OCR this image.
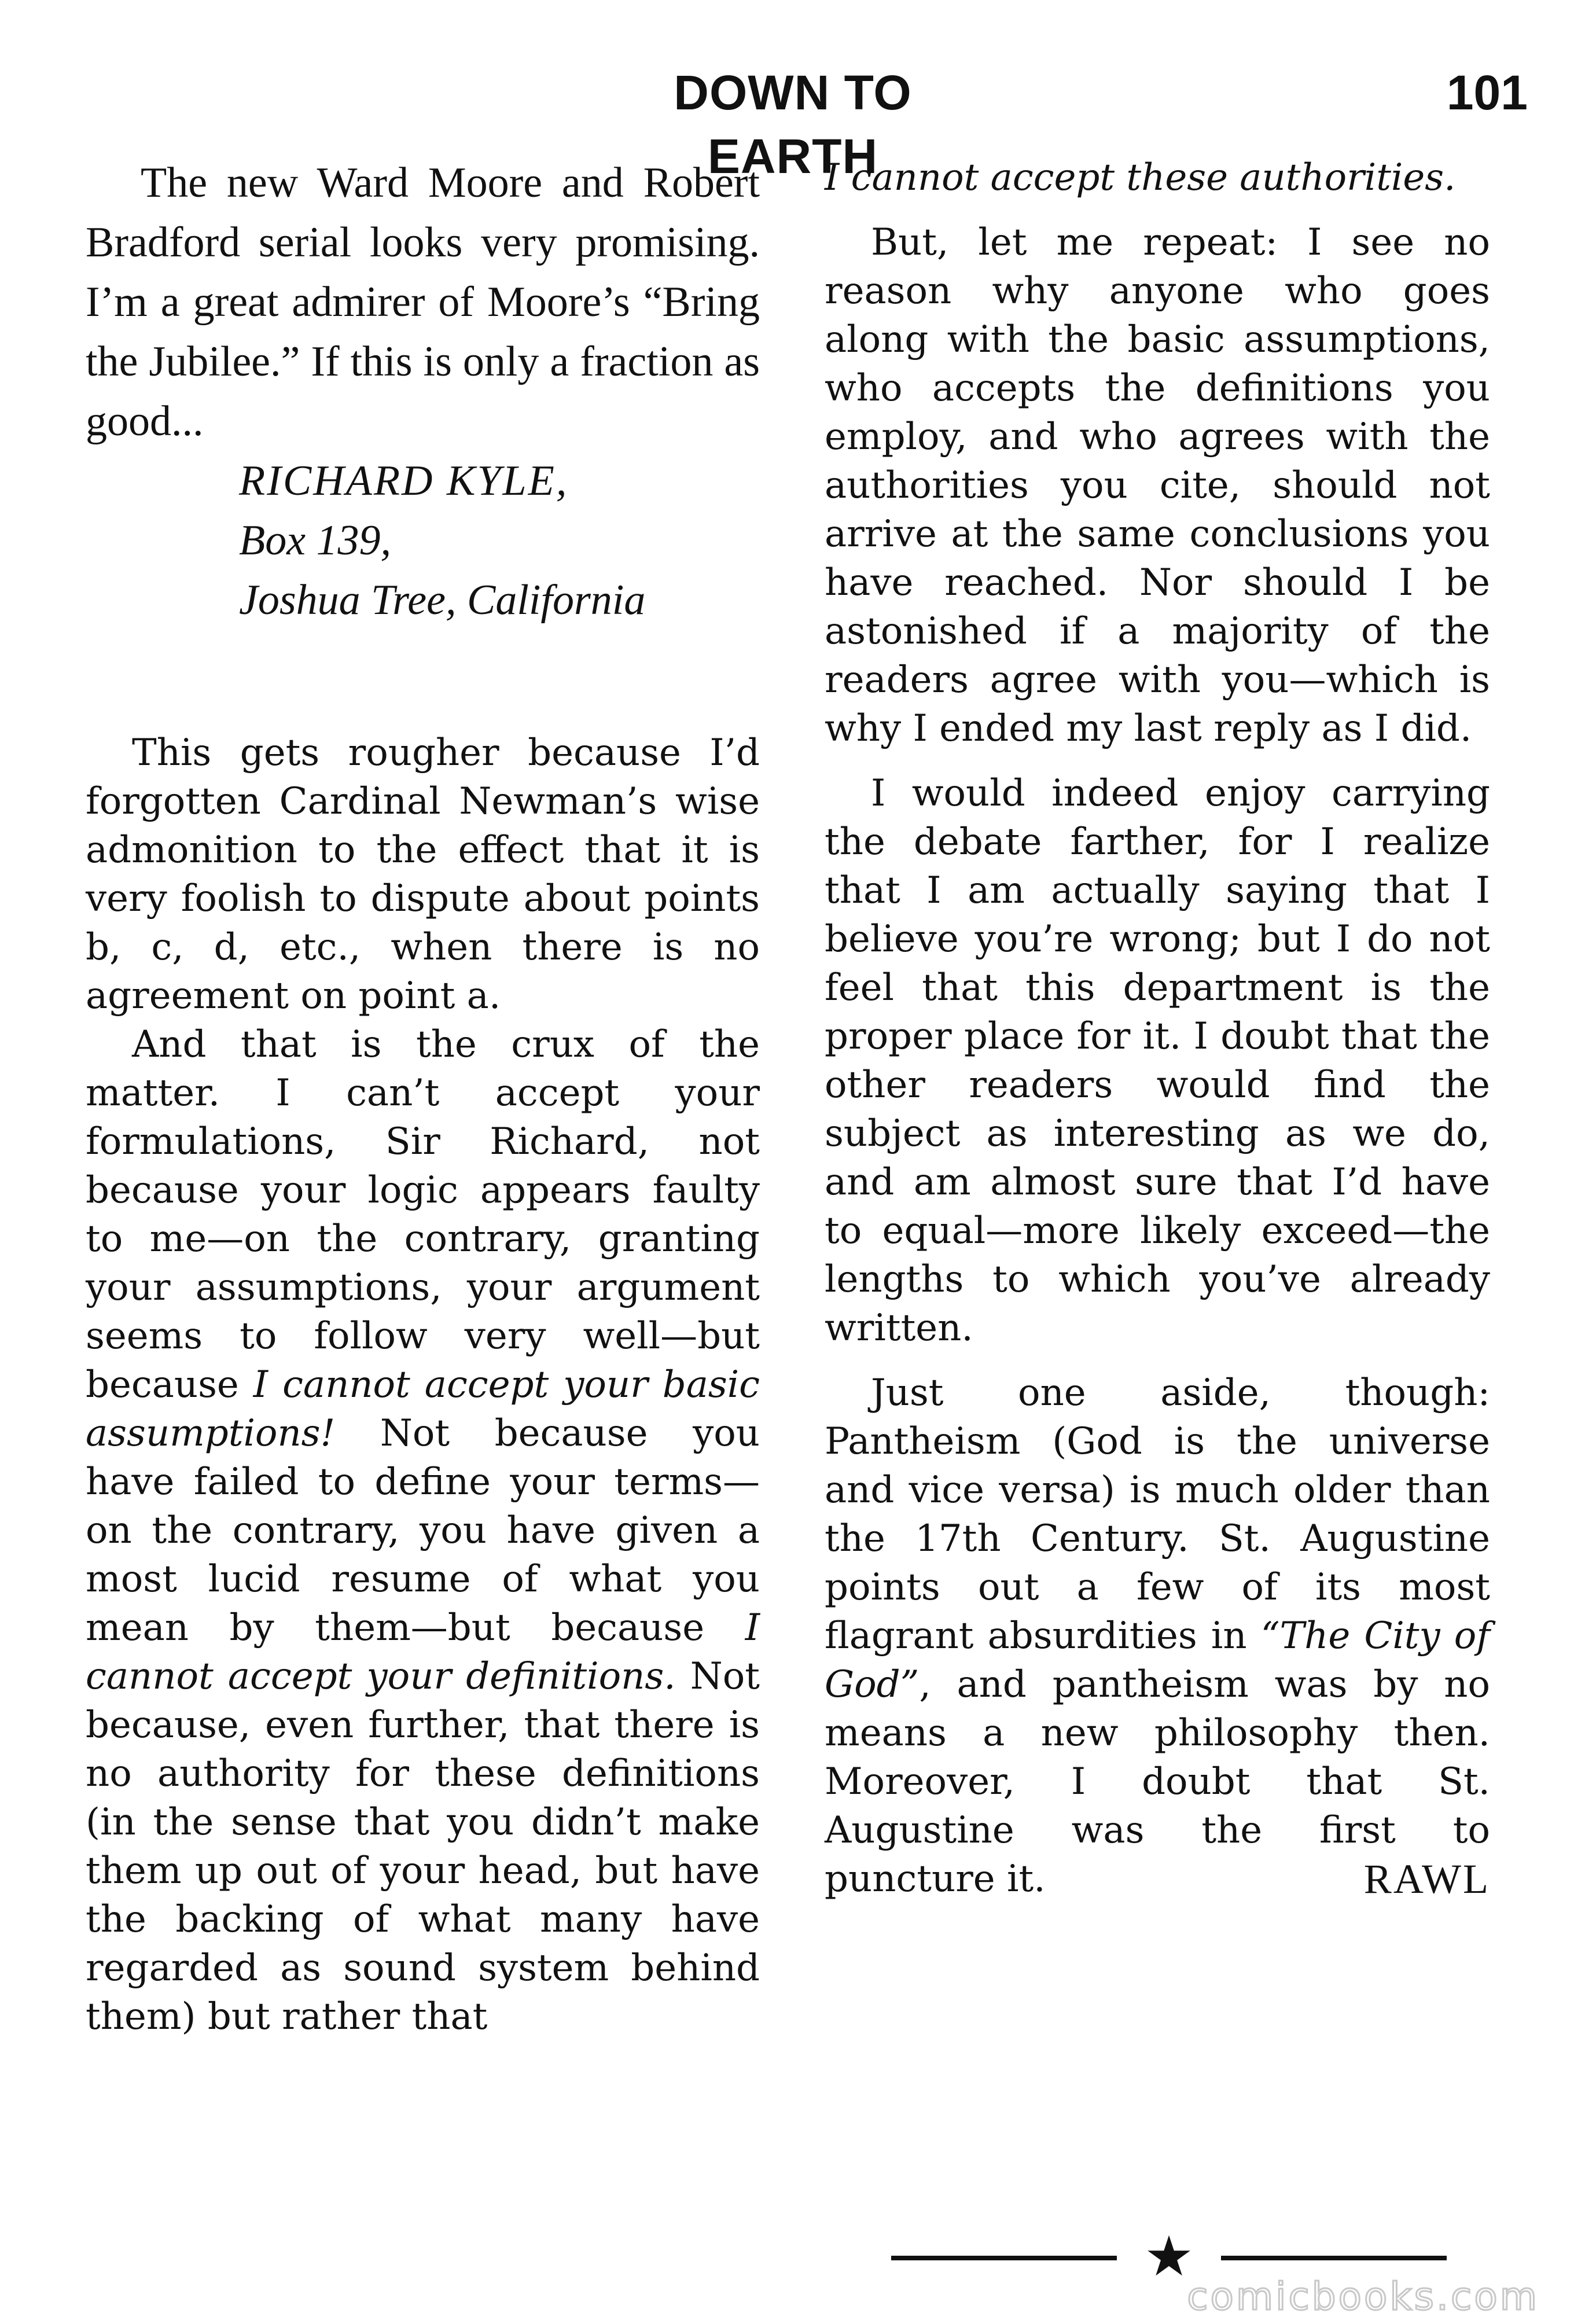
DOWN TO EARTH
101

The new Ward Moore and Robert Bradford serial looks very promising. I’m a great admirer of Moore’s “Bring the Jubilee.” If this is only a fraction as good...

RICHARD KYLE,
Box 139,
Joshua Tree, California

This gets rougher because I’d forgotten Cardinal Newman’s wise admonition to the effect that it is very foolish to dispute about points b, c, d, etc., when there is no agreement on point a.

And that is the crux of the matter. I can’t accept your formulations, Sir Richard, not because your logic appears faulty to me—on the contrary, granting your assumptions, your argument seems to follow very well—but because I cannot accept your basic assumptions! Not because you have failed to define your terms—on the contrary, you have given a most lucid resume of what you mean by them—but because I cannot accept your definitions. Not because, even further, that there is no authority for these definitions (in the sense that you didn’t make them up out of your head, but have the backing of what many have regarded as sound system behind them) but rather that

I cannot accept these authorities.

But, let me repeat: I see no reason why anyone who goes along with the basic assumptions, who accepts the definitions you employ, and who agrees with the authorities you cite, should not arrive at the same conclusions you have reached. Nor should I be astonished if a majority of the readers agree with you—which is why I ended my last reply as I did.

I would indeed enjoy carrying the debate farther, for I realize that I am actually saying that I believe you’re wrong; but I do not feel that this department is the proper place for it. I doubt that the other readers would find the subject as interesting as we do, and am almost sure that I’d have to equal—more likely exceed—the lengths to which you’ve already written.

Just one aside, though: Pantheism (God is the universe and vice versa) is much older than the 17th Century. St. Augustine points out a few of its most flagrant absurdities in “The City of God”, and pantheism was by no means a new philosophy then. Moreover, I doubt that St. Augustine was the first to puncture it.	RAWL

★
comicbooks.com
